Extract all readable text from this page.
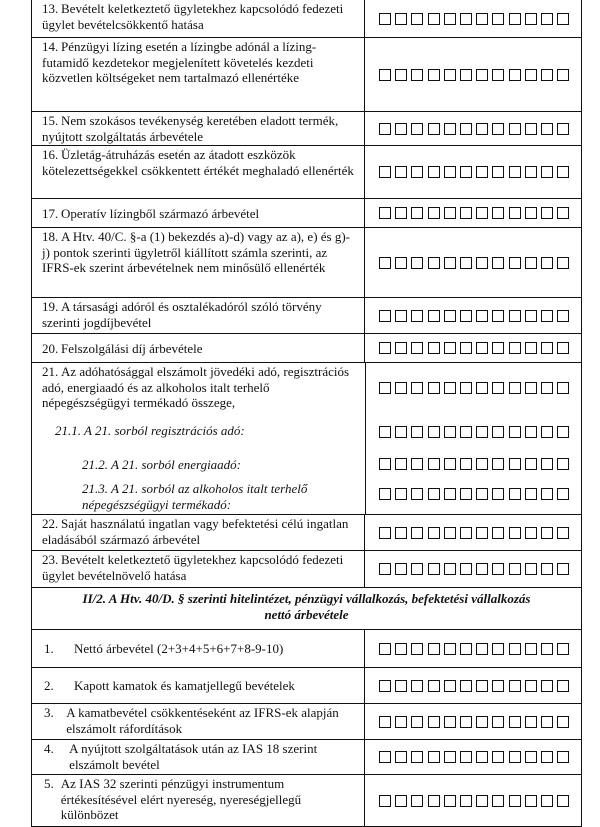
13. Bevételt keletkeztető ügyletekhez kapcsolódó fedezeti ügylet bevételcsökkentő hatása
14. Pénzügyi lízing esetén a lízingbe adónál a lízing-futamidő kezdetekor megjelenített követelés kezdeti közvetlen költségeket nem tartalmazó ellenértéke
15. Nem szokásos tevékenység keretében eladott termék, nyújtott szolgáltatás árbevétele
16. Üzletág-átruházás esetén az átadott eszközök kötelezettségekkel csökkentett értékét meghaladó ellenérték
17. Operatív lízingből származó árbevétel
18. A Htv. 40/C. §-a (1) bekezdés a)-d) vagy az a), e) és g)-j) pontok szerinti ügyletről kiállított számla szerinti, az IFRS-ek szerint árbevételnek nem minősülő ellenérték
19. A társasági adóról és osztalékadóról szóló törvény szerinti jogdíjbevétel
20. Felszolgálási díj árbevétele
21. Az adóhatósággal elszámolt jövedéki adó, regisztrációs adó, energiaadó és az alkoholos italt terhelő népegészségügyi termékadó összege,
21.1. A 21. sorból regisztrációs adó:
21.2. A 21. sorból energiaadó:
21.3. A 21. sorból az alkoholos italt terhelő népegészségügyi termékadó:
22. Saját használatú ingatlan vagy befektetési célú ingatlan eladásából származó árbevétel
23. Bevételt keletkeztető ügyletekhez kapcsolódó fedezeti ügylet bevételnövelő hatása
II/2. A Htv. 40/D. § szerinti hitelintézet, pénzügyi vállalkozás, befektetési vállalkozás
nettó árbevétele
1.	Nettó árbevétel (2+3+4+5+6+7+8-9-10)
2.	Kapott kamatok és kamatjellegű bevételek
3. A kamatbevétel csökkentéseként az IFRS-ek alapján elszámolt ráfordítások
4.	A nyújtott szolgáltatások után az IAS 18 szerint elszámolt bevétel
5. Az IAS 32 szerinti pénzügyi instrumentum értékesítésével elért nyereség, nyereségjellegű különbözet
